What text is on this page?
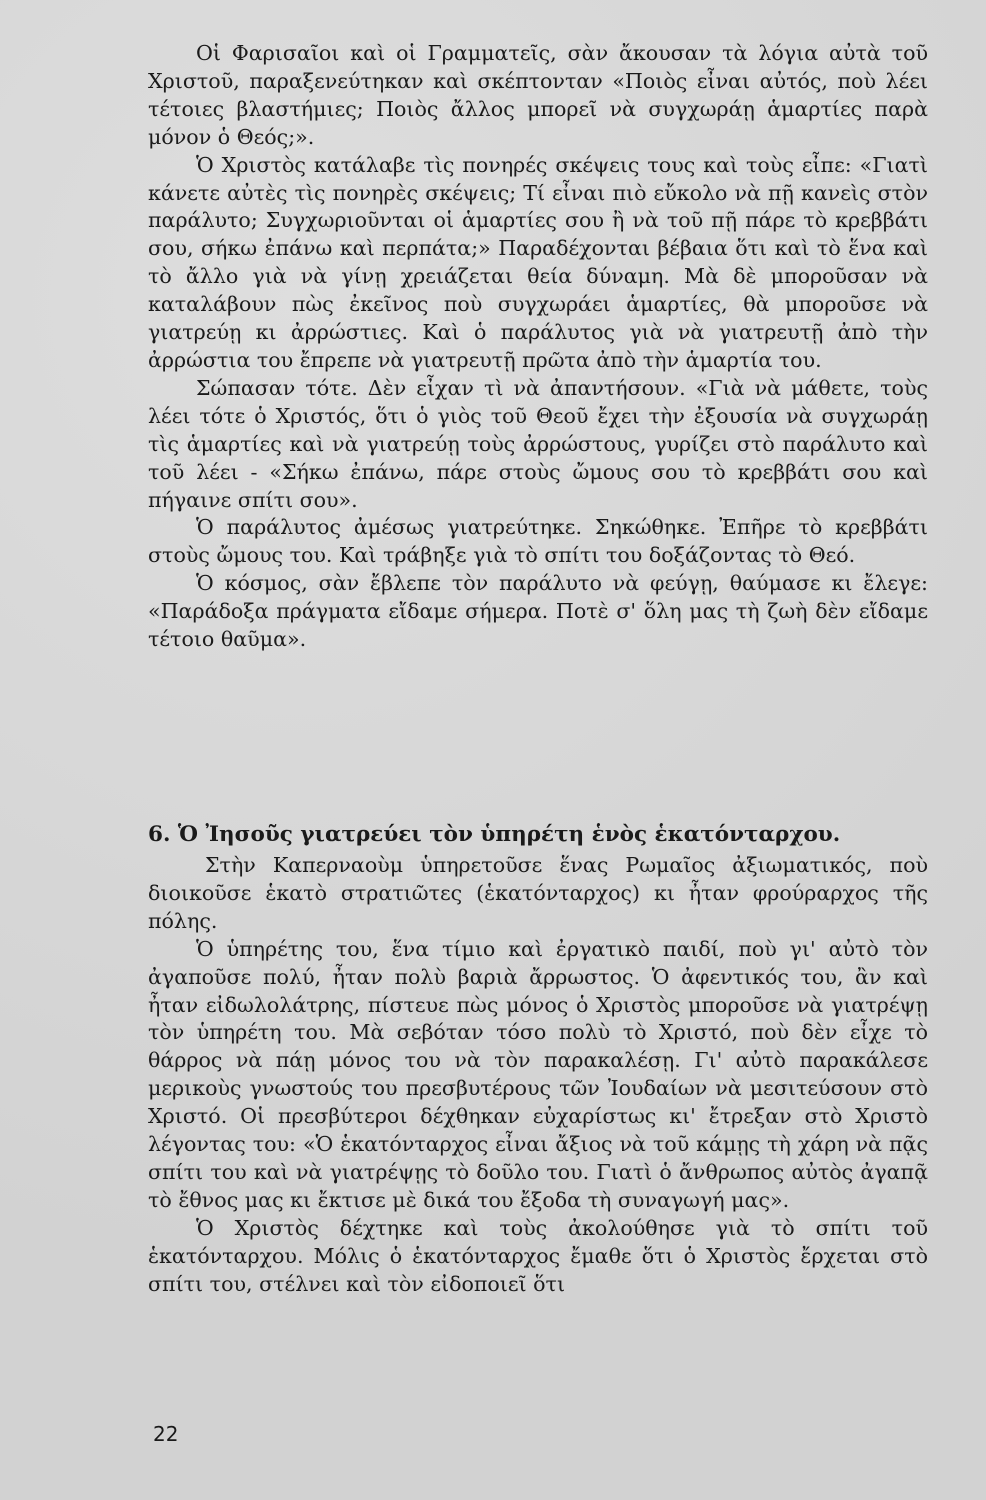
Οἱ Φαρισαῖοι καὶ οἱ Γραμματεῖς, σὰν ἄκουσαν τὰ λόγια αὐτὰ τοῦ Χριστοῦ, παραξενεύτηκαν καὶ σκέπτονταν «Ποιὸς εἶναι αὐτός, ποὺ λέει τέτοιες βλαστήμιες; Ποιὸς ἄλλος μπορεῖ νὰ συγχωράῃ ἁμαρτίες παρὰ μόνον ὁ Θεός;».

Ὁ Χριστὸς κατάλαβε τὶς πονηρές σκέψεις τους καὶ τοὺς εἶπε: «Γιατὶ κάνετε αὐτὲς τὶς πονηρὲς σκέψεις; Τί εἶναι πιὸ εὔκολο νὰ πῇ κανεὶς στὸν παράλυτο; Συγχωριοῦνται οἱ ἁμαρτίες σου ἢ νὰ τοῦ πῇ πάρε τὸ κρεββάτι σου, σήκω ἐπάνω καὶ περπάτα;» Παραδέχονται βέβαια ὅτι καὶ τὸ ἕνα καὶ τὸ ἄλλο γιὰ νὰ γίνῃ χρειάζεται θεία δύναμη. Μὰ δὲ μποροῦσαν νὰ καταλάβουν πὼς ἐκεῖνος ποὺ συγχωράει ἁμαρτίες, θὰ μποροῦσε νὰ γιατρεύῃ κι ἀρρώστιες. Καὶ ὁ παράλυτος γιὰ νὰ γιατρευτῇ ἀπὸ τὴν ἀρρώστια του ἔπρεπε νὰ γιατρευτῇ πρῶτα ἀπὸ τὴν ἁμαρτία του.

Σώπασαν τότε. Δὲν εἶχαν τὶ νὰ ἀπαντήσουν. «Γιὰ νὰ μάθετε, τοὺς λέει τότε ὁ Χριστός, ὅτι ὁ γιὸς τοῦ Θεοῦ ἔχει τὴν ἐξουσία νὰ συγχωράῃ τὶς ἁμαρτίες καὶ νὰ γιατρεύῃ τοὺς ἀρρώστους, γυρίζει στὸ παράλυτο καὶ τοῦ λέει - «Σήκω ἐπάνω, πάρε στοὺς ὤμους σου τὸ κρεββάτι σου καὶ πήγαινε σπίτι σου».

Ὁ παράλυτος ἀμέσως γιατρεύτηκε. Σηκώθηκε. Ἐπῆρε τὸ κρεββάτι στοὺς ὤμους του. Καὶ τράβηξε γιὰ τὸ σπίτι του δοξάζοντας τὸ Θεό.

Ὁ κόσμος, σὰν ἔβλεπε τὸν παράλυτο νὰ φεύγῃ, θαύμασε κι ἔλεγε: «Παράδοξα πράγματα εἴδαμε σήμερα. Ποτὲ σ' ὅλη μας τὴ ζωὴ δὲν εἴδαμε τέτοιο θαῦμα».

6. Ὁ Ἰησοῦς γιατρεύει τὸν ὑπηρέτη ἑνὸς ἑκατόνταρχου.

Στὴν Καπερναοὺμ ὑπηρετοῦσε ἕνας Ρωμαῖος ἀξιωματικός, ποὺ διοικοῦσε ἑκατὸ στρατιῶτες (ἑκατόνταρχος) κι ἦταν φρούραρχος τῆς πόλης.

Ὁ ὑπηρέτης του, ἕνα τίμιο καὶ ἐργατικὸ παιδί, ποὺ γι' αὐτὸ τὸν ἀγαποῦσε πολύ, ἦταν πολὺ βαριὰ ἄρρωστος. Ὁ ἀφεντικός του, ἂν καὶ ἦταν εἰδωλολάτρης, πίστευε πὼς μόνος ὁ Χριστὸς μποροῦσε νὰ γιατρέψῃ τὸν ὑπηρέτη του. Μὰ σεβόταν τόσο πολὺ τὸ Χριστό, ποὺ δὲν εἶχε τὸ θάρρος νὰ πάῃ μόνος του νὰ τὸν παρακαλέσῃ. Γι' αὐτὸ παρακάλεσε μερικοὺς γνωστούς του πρεσβυτέρους τῶν Ἰουδαίων νὰ μεσιτεύσουν στὸ Χριστό. Οἱ πρεσβύτεροι δέχθηκαν εὐχαρίστως κι' ἔτρεξαν στὸ Χριστὸ λέγοντας του: «Ὁ ἑκατόνταρχος εἶναι ἄξιος νὰ τοῦ κάμῃς τὴ χάρη νὰ πᾷς σπίτι του καὶ νὰ γιατρέψῃς τὸ δοῦλο του. Γιατὶ ὁ ἄνθρωπος αὐτὸς ἀγαπᾷ τὸ ἔθνος μας κι ἔκτισε μὲ δικά του ἔξοδα τὴ συναγωγή μας».

Ὁ Χριστὸς δέχτηκε καὶ τοὺς ἀκολούθησε γιὰ τὸ σπίτι τοῦ ἑκατόνταρχου. Μόλις ὁ ἑκατόνταρχος ἔμαθε ὅτι ὁ Χριστὸς ἔρχεται στὸ σπίτι του, στέλνει καὶ τὸν εἰδοποιεῖ ὅτι

22
